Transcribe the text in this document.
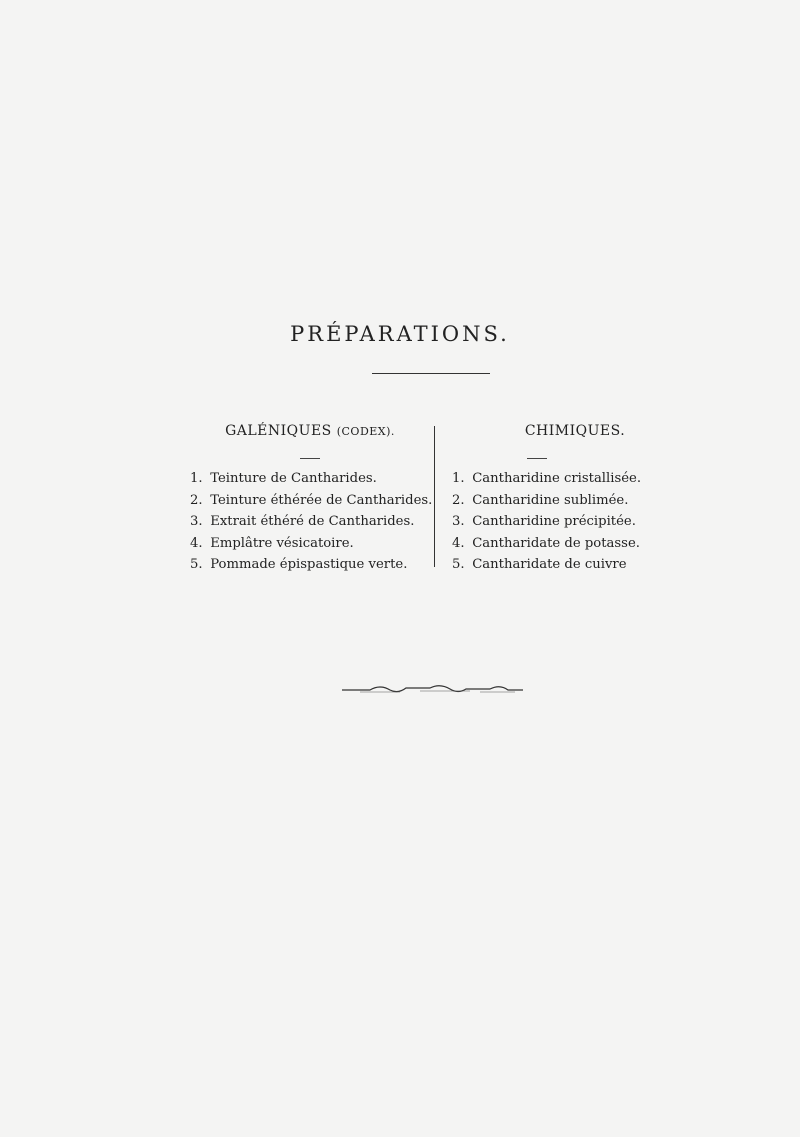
PRÉPARATIONS.
GALÉNIQUES (CODEX).	CHIMIQUES.
1. Teinture de Cantharides.
2. Teinture éthérée de Cantharides.
3. Extrait éthéré de Cantharides.
4. Emplâtre vésicatoire.
5. Pommade épispastique verte.
1. Cantharidine cristallisée.
2. Cantharidine sublimée.
3. Cantharidine précipitée.
4. Cantharidate de potasse.
5. Cantharidate de cuivre
